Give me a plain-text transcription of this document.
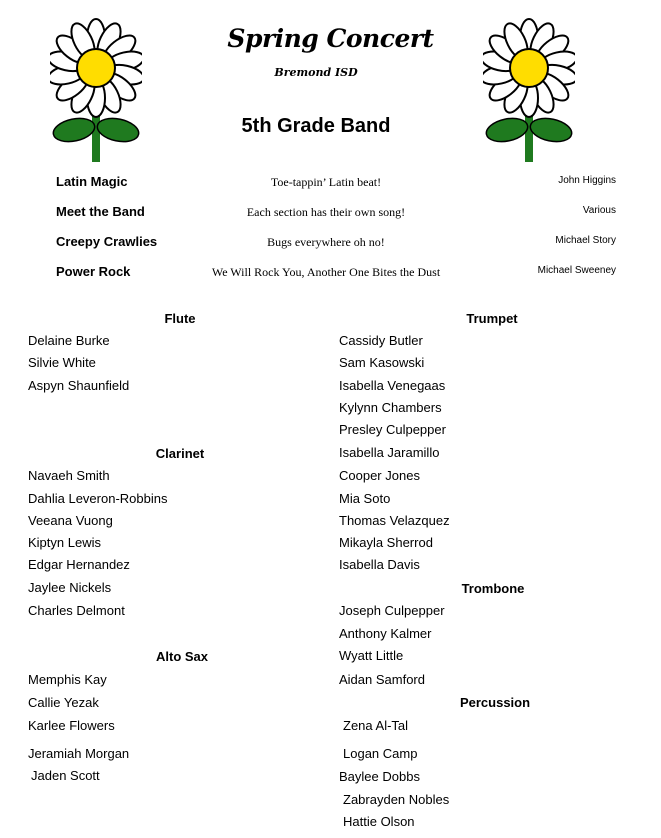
Spring Concert
Bremond ISD
5th Grade Band
Latin Magic	Toe-tappin’ Latin beat!	John Higgins
Meet the Band	Each section has their own song!	Various
Creepy Crawlies	Bugs everywhere oh no!	Michael Story
Power Rock	We Will Rock You, Another One Bites the Dust	Michael Sweeney
Flute
Delaine Burke
Silvie White
Aspyn Shaunfield
Clarinet
Navaeh Smith
Dahlia Leveron-Robbins
Veeana Vuong
Kiptyn Lewis
Edgar Hernandez
Jaylee Nickels
Charles Delmont
Alto Sax
Memphis Kay
Callie Yezak
Karlee Flowers
Jeramiah Morgan
Jaden Scott
Trumpet
Cassidy Butler
Sam Kasowski
Isabella Venegaas
Kylynn Chambers
Presley Culpepper
Isabella Jaramillo
Cooper Jones
Mia Soto
Thomas Velazquez
Mikayla Sherrod
Isabella Davis
Trombone
Joseph Culpepper
Anthony Kalmer
Wyatt Little
Aidan Samford
Percussion
Zena Al-Tal
Logan Camp
Baylee Dobbs
Zabrayden Nobles
Hattie Olson
